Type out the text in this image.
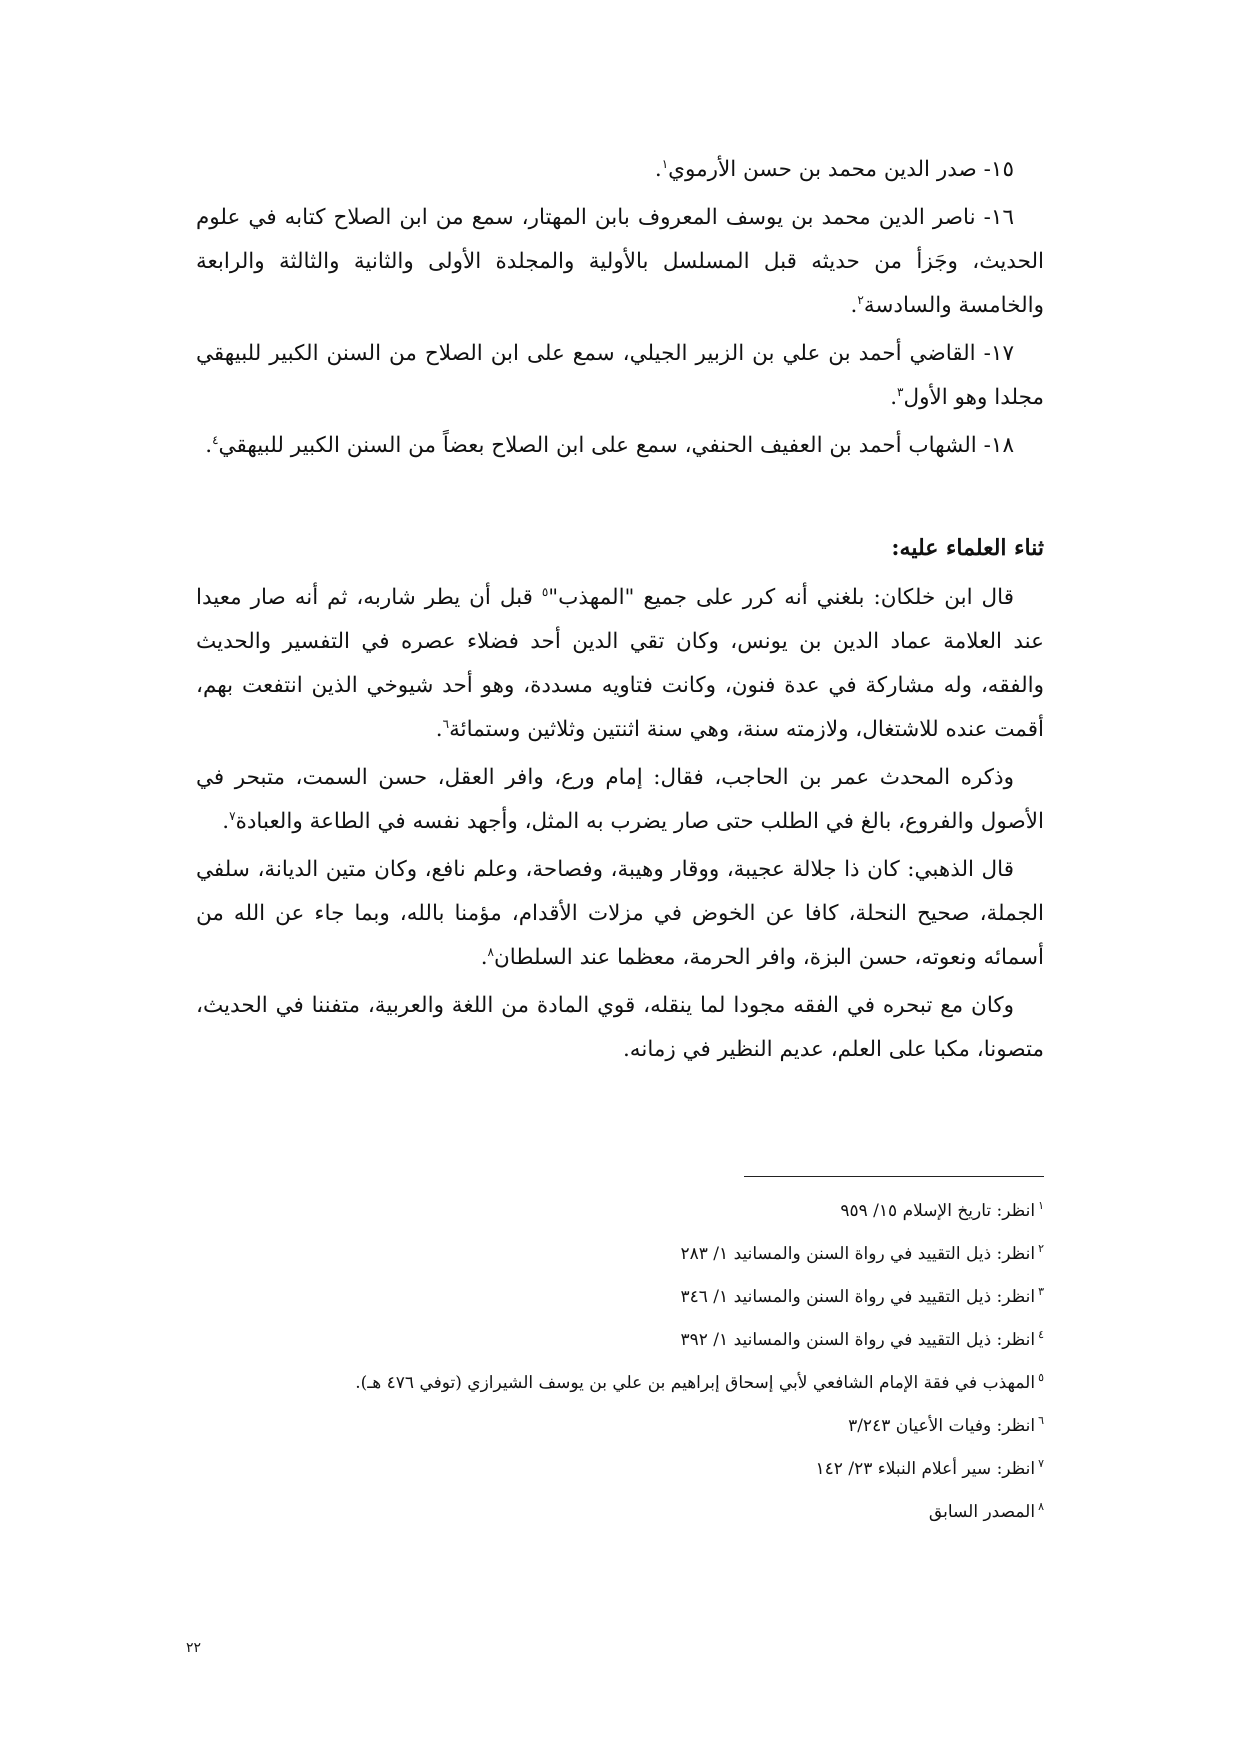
١٥- صدر الدين محمد بن حسن الأرموي$^١$.

١٦- ناصر الدين محمد بن يوسف المعروف بابن المهتار، سمع من ابن الصلاح كتابه في علوم الحديث، وجَزأ من حديثه قبل المسلسل بالأولية والمجلدة الأولى والثانية والثالثة والرابعة والخامسة والسادسة$^٢$.

١٧- القاضي أحمد بن علي بن الزبير الجيلي، سمع على ابن الصلاح من السنن الكبير للبيهقي مجلدا وهو الأول$^٣$.

١٨- الشهاب أحمد بن العفيف الحنفي، سمع على ابن الصلاح بعضاً من السنن الكبير للبيهقي$^٤$.

ثناء العلماء عليه:

قال ابن خلكان: بلغني أنه كرر على جميع "المهذب"$^٥$ قبل أن يطر شاربه، ثم أنه صار معيدا عند العلامة عماد الدين بن يونس، وكان تقي الدين أحد فضلاء عصره في التفسير والحديث والفقه، وله مشاركة في عدة فنون، وكانت فتاويه مسددة، وهو أحد شيوخي الذين انتفعت بهم، أقمت عنده للاشتغال، ولازمته سنة، وهي سنة اثنتين وثلاثين وستمائة$^٦$.

وذكره المحدث عمر بن الحاجب، فقال: إمام ورع، وافر العقل، حسن السمت، متبحر في الأصول والفروع، بالغ في الطلب حتى صار يضرب به المثل، وأجهد نفسه في الطاعة والعبادة$^٧$.

قال الذهبي: كان ذا جلالة عجيبة، ووقار وهيبة، وفصاحة، وعلم نافع، وكان متين الديانة، سلفي الجملة، صحيح النحلة، كافا عن الخوض في مزلات الأقدام، مؤمنا بالله، وبما جاء عن الله من أسمائه ونعوته، حسن البزة، وافر الحرمة، معظما عند السلطان$^٨$.

وكان مع تبحره في الفقه مجودا لما ينقله، قوي المادة من اللغة والعربية، متفننا في الحديث، متصونا، مكبا على العلم، عديم النظير في زمانه.

$^١$انظر: تاريخ الإسلام ١٥/ ٩٥٩

$^٢$انظر: ذيل التقييد في رواة السنن والمسانيد ١/ ٢٨٣

$^٣$انظر: ذيل التقييد في رواة السنن والمسانيد ١/ ٣٤٦

$^٤$انظر: ذيل التقييد في رواة السنن والمسانيد ١/ ٣٩٢

$^٥$المهذب في فقة الإمام الشافعي لأبي إسحاق إبراهيم بن علي بن يوسف الشيرازي (توفي ٤٧٦ هـ).

$^٦$انظر: وفيات الأعيان ٣/٢٤٣

$^٧$انظر: سير أعلام النبلاء ٢٣/ ١٤٢

$^٨$المصدر السابق

٢٢
